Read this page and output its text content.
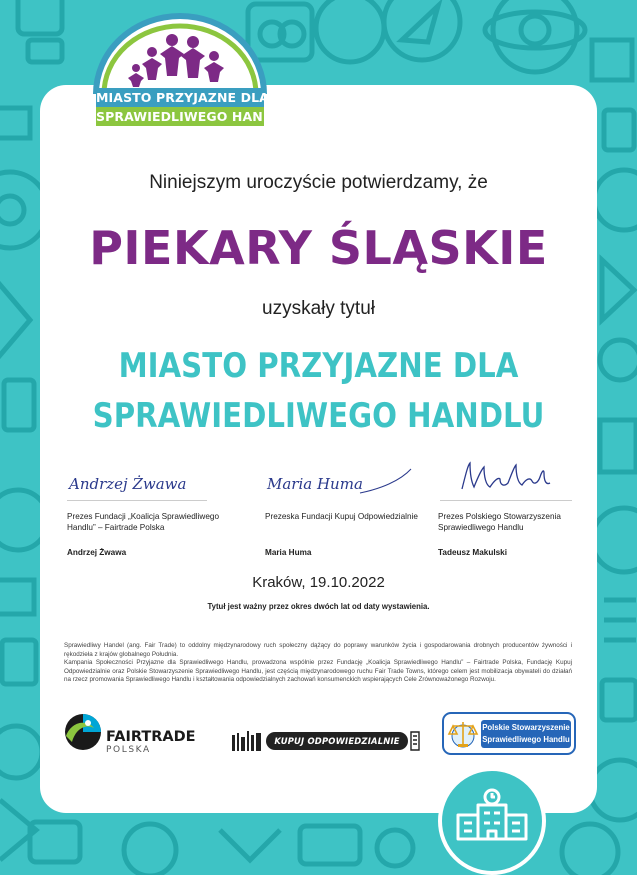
MIASTO PRZYJAZNE DLA
SPRAWIEDLIWEGO HANDLU
Niniejszym uroczyście potwierdzamy, że
PIEKARY ŚLĄSKIE
uzyskały tytuł
MIASTO PRZYJAZNE DLA
SPRAWIEDLIWEGO HANDLU
Andrzej Żwawa
Prezes Fundacji „Koalicja Sprawiedliwego Handlu” – Fairtrade Polska
Andrzej Żwawa
Maria Huma
Prezeska Fundacji Kupuj Odpowiedzialnie
Maria Huma
Prezes Polskiego Stowarzyszenia Sprawiedliwego Handlu
Tadeusz Makulski
Kraków, 19.10.2022
Tytuł jest ważny przez okres dwóch lat od daty wystawienia.
Sprawiedliwy Handel (ang. Fair Trade) to oddolny międzynarodowy ruch społeczny dążący do poprawy warunków życia i gospodarowania drobnych producentów żywności i rękodzieła z krajów globalnego Południa.
Kampania Społeczności Przyjazne dla Sprawiedliwego Handlu, prowadzona wspólnie przez Fundację „Koalicja Sprawiedliwego Handlu” – Fairtrade Polska, Fundację Kupuj Odpowiedzialnie oraz Polskie Stowarzyszenie Sprawiedliwego Handlu, jest częścią międzynarodowego ruchu Fair Trade Towns, którego celem jest mobilizacja obywateli do działań na rzecz promowania Sprawiedliwego Handlu i kształtowania odpowiedzialnych zachowań konsumenckich wspierających Cele Zrównoważonego Rozwoju.
FAIRTRADE
POLSKA
KUPUJ ODPOWIEDZIALNIE
Polskie Stowarzyszenie
Sprawiedliwego Handlu
